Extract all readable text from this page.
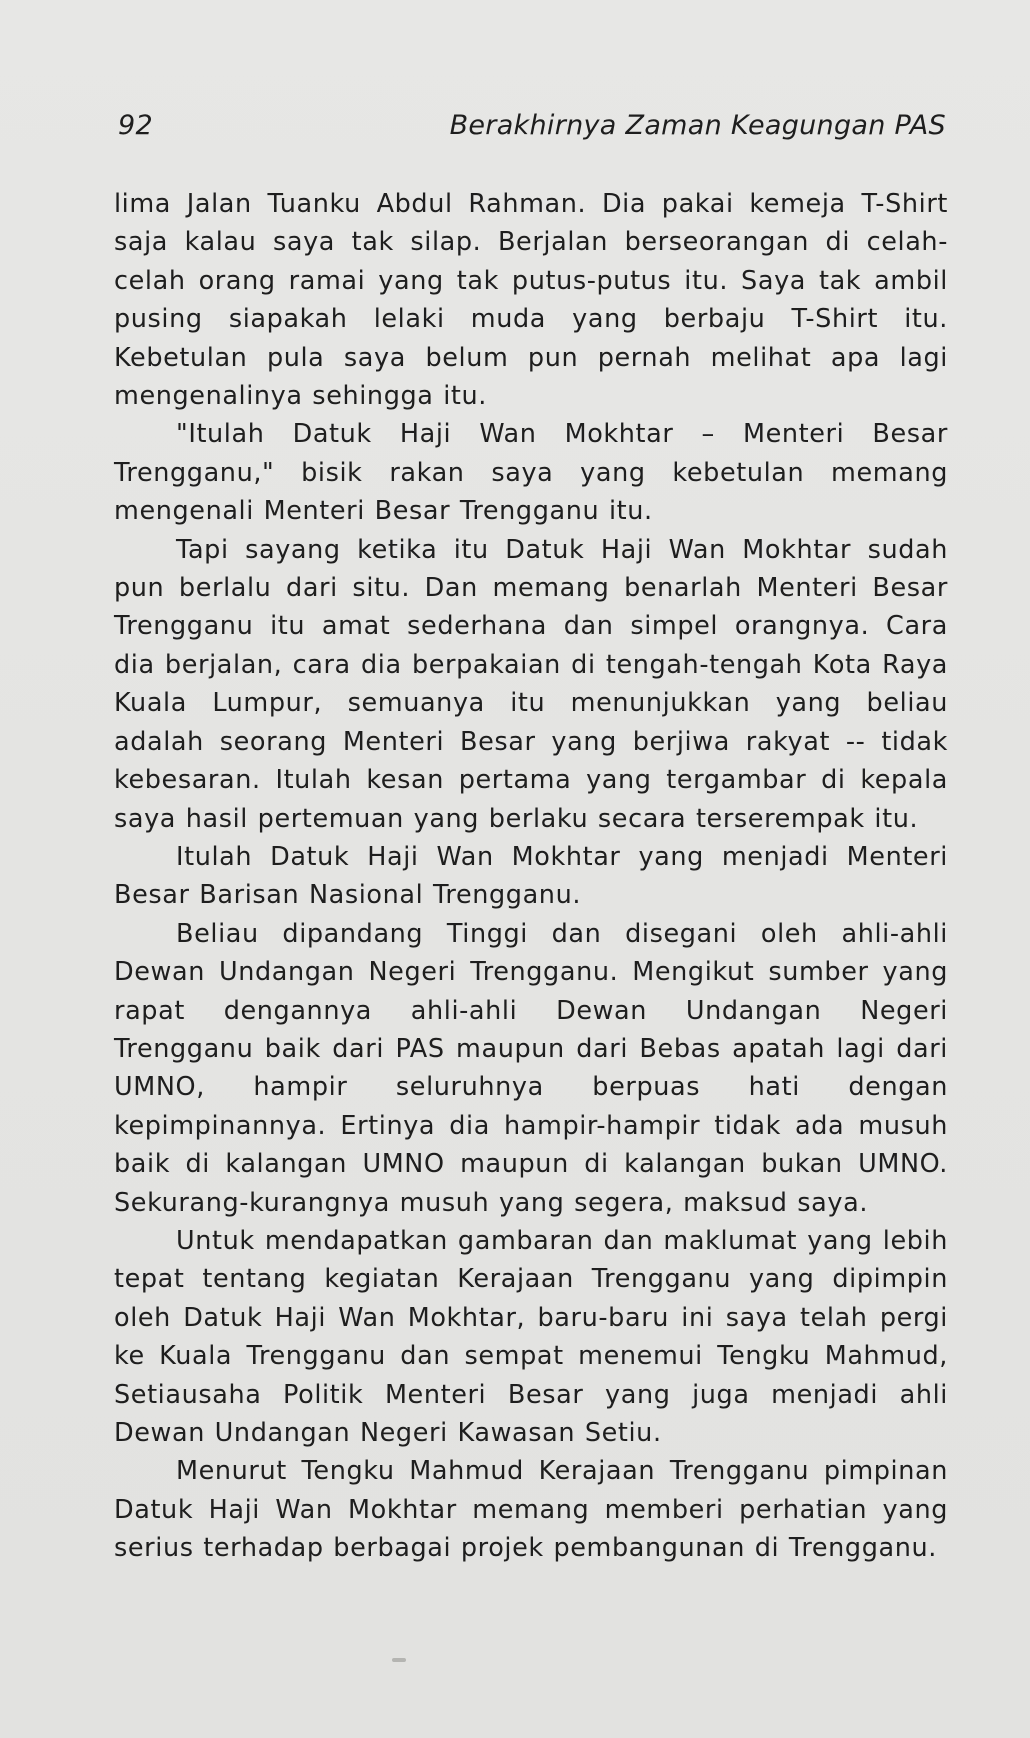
92	Berakhirnya Zaman Keagungan PAS

lima Jalan Tuanku Abdul Rahman. Dia pakai kemeja T-Shirt saja kalau saya tak silap. Berjalan berseorangan di celah-celah orang ramai yang tak putus-putus itu. Saya tak ambil pusing siapakah lelaki muda yang berbaju T-Shirt itu. Kebetulan pula saya belum pun pernah melihat apa lagi mengenalinya sehingga itu.

"Itulah Datuk Haji Wan Mokhtar – Menteri Besar Trengganu," bisik rakan saya yang kebetulan memang mengenali Menteri Besar Trengganu itu.

Tapi sayang ketika itu Datuk Haji Wan Mokhtar sudah pun berlalu dari situ. Dan memang benarlah Menteri Besar Trengganu itu amat sederhana dan simpel orangnya. Cara dia berjalan, cara dia berpakaian di tengah-tengah Kota Raya Kuala Lumpur, semuanya itu menunjukkan yang beliau adalah seorang Menteri Besar yang berjiwa rakyat -- tidak kebesaran. Itulah kesan pertama yang tergambar di kepala saya hasil pertemuan yang berlaku secara terserempak itu.

Itulah Datuk Haji Wan Mokhtar yang menjadi Menteri Besar Barisan Nasional Trengganu.

Beliau dipandang Tinggi dan disegani oleh ahli-ahli Dewan Undangan Negeri Trengganu. Mengikut sumber yang rapat dengannya ahli-ahli Dewan Undangan Negeri Trengganu baik dari PAS maupun dari Bebas apatah lagi dari UMNO, hampir seluruhnya berpuas hati dengan kepimpinannya. Ertinya dia hampir-hampir tidak ada musuh baik di kalangan UMNO maupun di kalangan bukan UMNO. Sekurang-kurangnya musuh yang segera, maksud saya.

Untuk mendapatkan gambaran dan maklumat yang lebih tepat tentang kegiatan Kerajaan Trengganu yang dipimpin oleh Datuk Haji Wan Mokhtar, baru-baru ini saya telah pergi ke Kuala Trengganu dan sempat menemui Tengku Mahmud, Setiausaha Politik Menteri Besar yang juga menjadi ahli Dewan Undangan Negeri Kawasan Setiu.

Menurut Tengku Mahmud Kerajaan Trengganu pimpinan Datuk Haji Wan Mokhtar memang memberi perhatian yang serius terhadap berbagai projek pembangunan di Trengganu.
